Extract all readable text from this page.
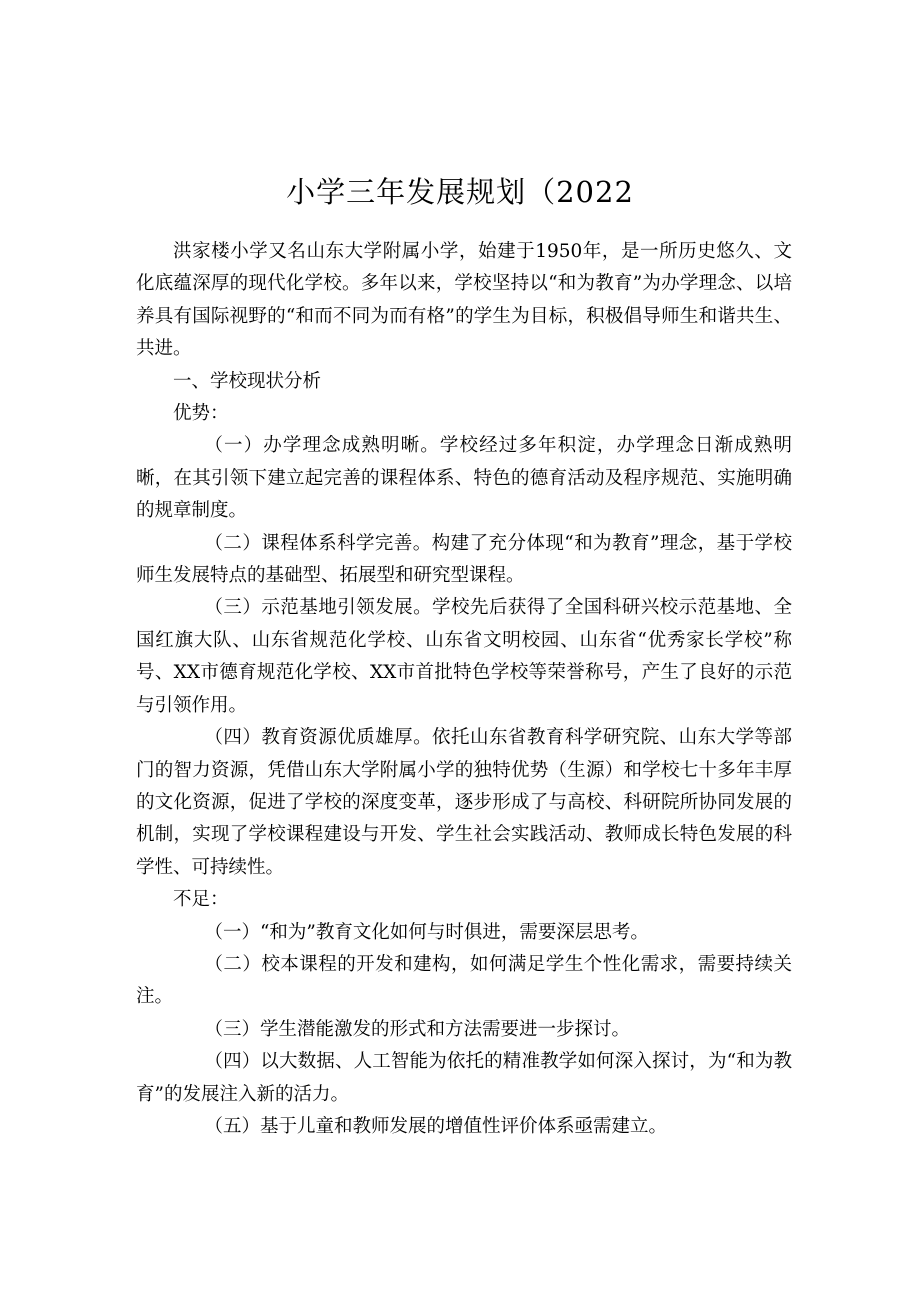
小学三年发展规划（2022

洪家楼小学又名山东大学附属小学，始建于1950年，是一所历史悠久、文化底蕴深厚的现代化学校。多年以来，学校坚持以“和为教育”为办学理念、以培养具有国际视野的“和而不同为而有格”的学生为目标，积极倡导师生和谐共生、共进。

一、学校现状分析

优势：

（一）办学理念成熟明晰。学校经过多年积淀，办学理念日渐成熟明晰，在其引领下建立起完善的课程体系、特色的德育活动及程序规范、实施明确的规章制度。

（二）课程体系科学完善。构建了充分体现“和为教育”理念，基于学校师生发展特点的基础型、拓展型和研究型课程。

（三）示范基地引领发展。学校先后获得了全国科研兴校示范基地、全国红旗大队、山东省规范化学校、山东省文明校园、山东省“优秀家长学校”称号、XX市德育规范化学校、XX市首批特色学校等荣誉称号，产生了良好的示范与引领作用。

（四）教育资源优质雄厚。依托山东省教育科学研究院、山东大学等部门的智力资源，凭借山东大学附属小学的独特优势（生源）和学校七十多年丰厚的文化资源，促进了学校的深度变革，逐步形成了与高校、科研院所协同发展的机制，实现了学校课程建设与开发、学生社会实践活动、教师成长特色发展的科学性、可持续性。

不足：

（一）“和为”教育文化如何与时俱进，需要深层思考。

（二）校本课程的开发和建构，如何满足学生个性化需求，需要持续关注。

（三）学生潜能激发的形式和方法需要进一步探讨。

（四）以大数据、人工智能为依托的精准教学如何深入探讨，为“和为教育”的发展注入新的活力。

（五）基于儿童和教师发展的增值性评价体系亟需建立。
